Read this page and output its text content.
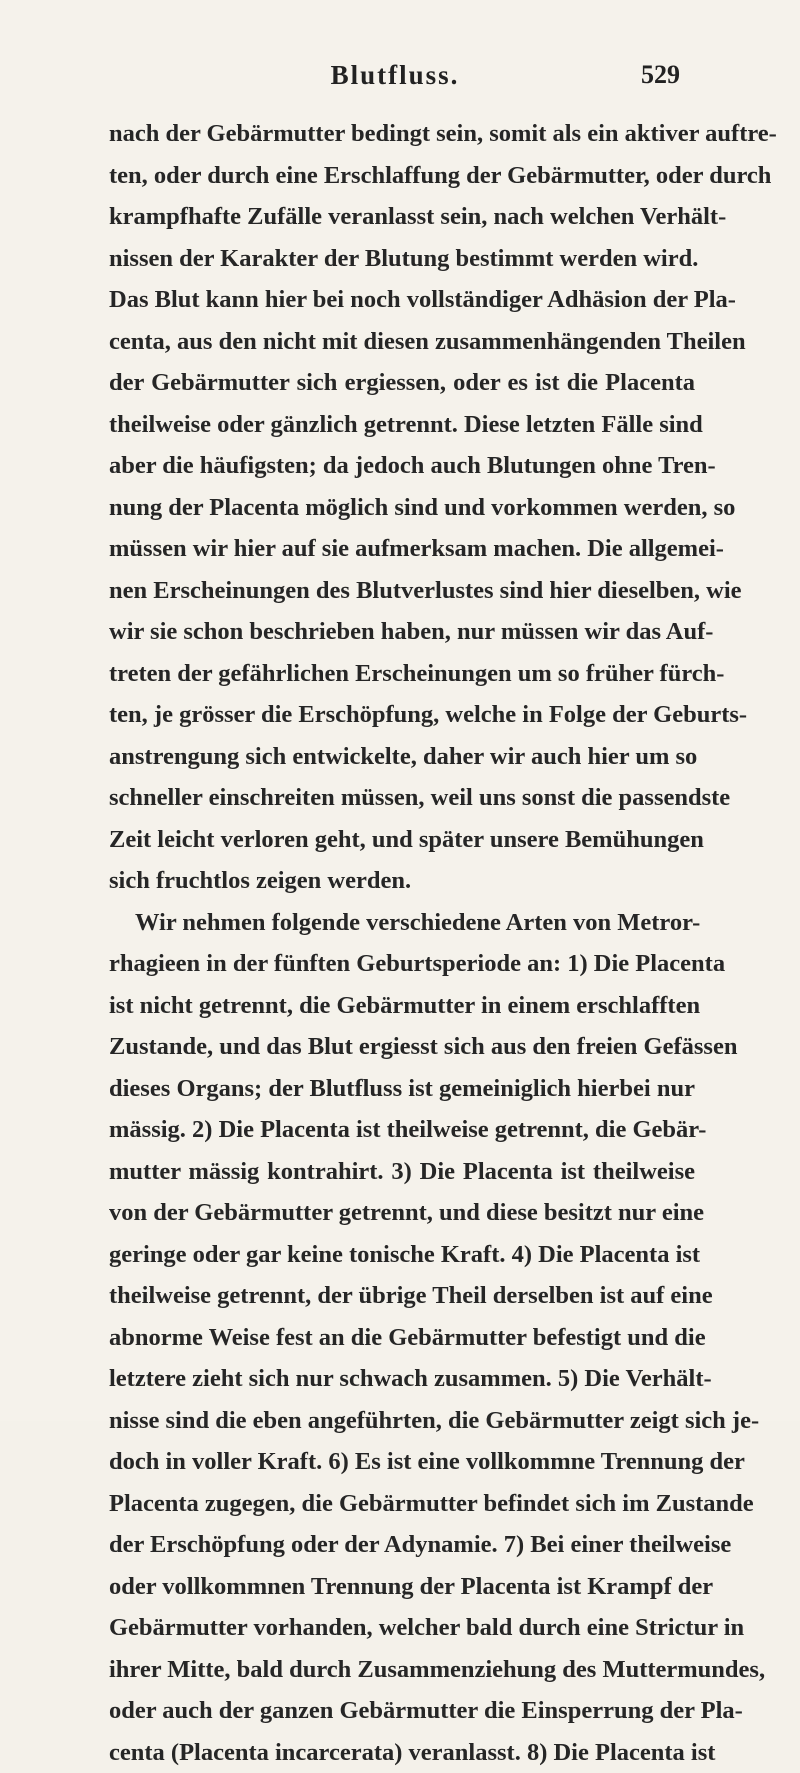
Blutfluss.	529
nach der Gebärmutter bedingt sein, somit als ein aktiver auftre-
ten, oder durch eine Erschlaffung der Gebärmutter, oder durch
krampfhafte Zufälle veranlasst sein, nach welchen Verhält-
nissen der Karakter der Blutung bestimmt werden wird.
Das Blut kann hier bei noch vollständiger Adhäsion der Pla-
centa, aus den nicht mit diesen zusammenhängenden Theilen
der Gebärmutter sich ergiessen, oder es ist die Placenta
theilweise oder gänzlich getrennt. Diese letzten Fälle sind
aber die häufigsten; da jedoch auch Blutungen ohne Tren-
nung der Placenta möglich sind und vorkommen werden, so
müssen wir hier auf sie aufmerksam machen. Die allgemei-
nen Erscheinungen des Blutverlustes sind hier dieselben, wie
wir sie schon beschrieben haben, nur müssen wir das Auf-
treten der gefährlichen Erscheinungen um so früher fürch-
ten, je grösser die Erschöpfung, welche in Folge der Geburts-
anstrengung sich entwickelte, daher wir auch hier um so
schneller einschreiten müssen, weil uns sonst die passendste
Zeit leicht verloren geht, und später unsere Bemühungen
sich fruchtlos zeigen werden.
Wir nehmen folgende verschiedene Arten von Metror-
rhagieen in der fünften Geburtsperiode an: 1) Die Placenta
ist nicht getrennt, die Gebärmutter in einem erschlafften
Zustande, und das Blut ergiesst sich aus den freien Gefässen
dieses Organs; der Blutfluss ist gemeiniglich hierbei nur
mässig. 2) Die Placenta ist theilweise getrennt, die Gebär-
mutter mässig kontrahirt. 3) Die Placenta ist theilweise
von der Gebärmutter getrennt, und diese besitzt nur eine
geringe oder gar keine tonische Kraft. 4) Die Placenta ist
theilweise getrennt, der übrige Theil derselben ist auf eine
abnorme Weise fest an die Gebärmutter befestigt und die
letztere zieht sich nur schwach zusammen. 5) Die Verhält-
nisse sind die eben angeführten, die Gebärmutter zeigt sich je-
doch in voller Kraft. 6) Es ist eine vollkommne Trennung der
Placenta zugegen, die Gebärmutter befindet sich im Zustande
der Erschöpfung oder der Adynamie. 7) Bei einer theilweise
oder vollkommnen Trennung der Placenta ist Krampf der
Gebärmutter vorhanden, welcher bald durch eine Strictur in
ihrer Mitte, bald durch Zusammenziehung des Muttermundes,
oder auch der ganzen Gebärmutter die Einsperrung der Pla-
centa (Placenta incarcerata) veranlasst. 8) Die Placenta ist
